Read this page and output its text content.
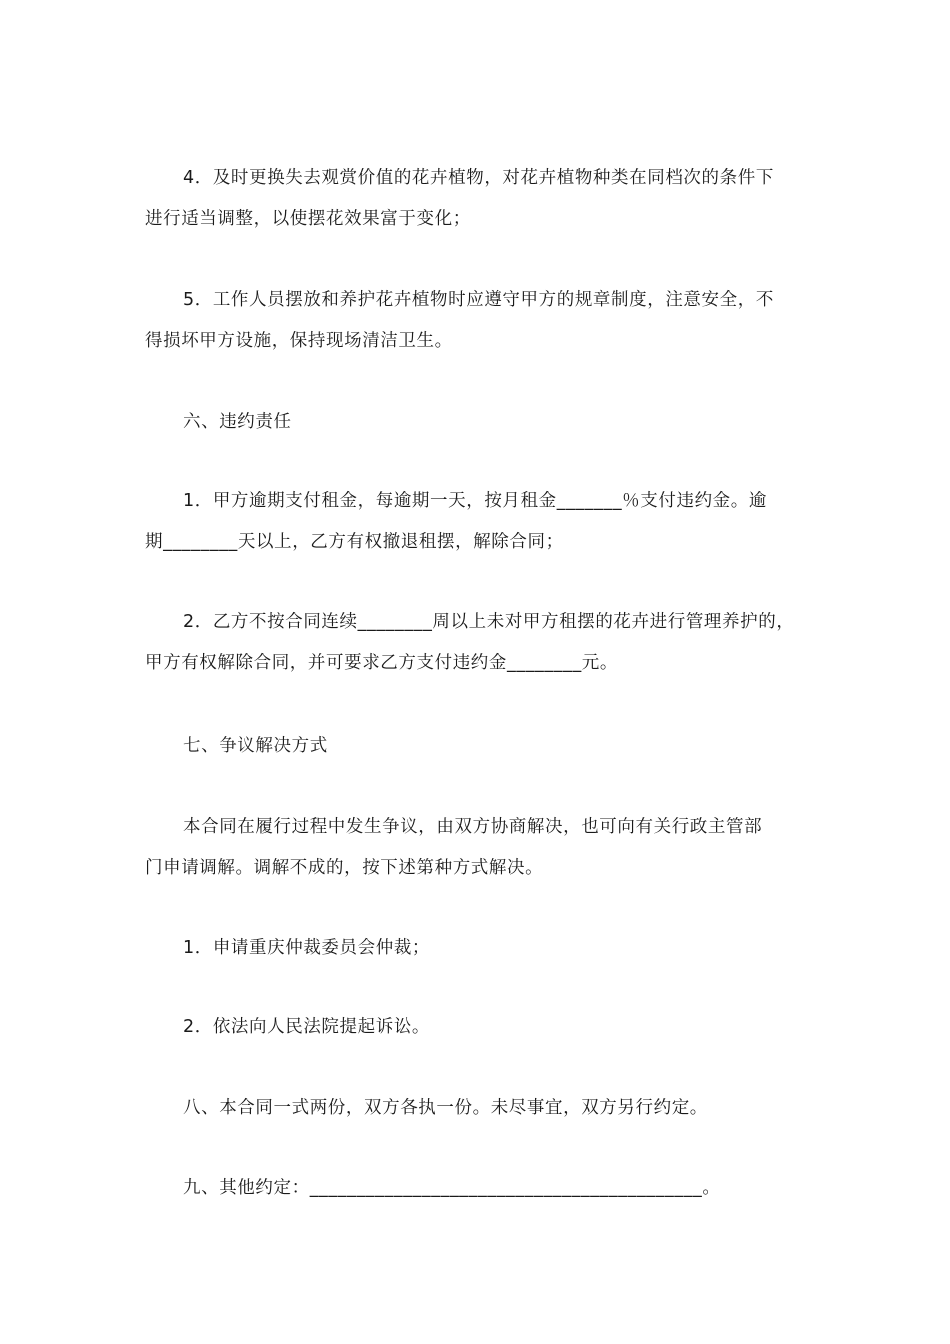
4．及时更换失去观赏价值的花卉植物，对花卉植物种类在同档次的条件下
进行适当调整，以使摆花效果富于变化；
5．工作人员摆放和养护花卉植物时应遵守甲方的规章制度，注意安全，不
得损坏甲方设施，保持现场清洁卫生。
六、违约责任
1．甲方逾期支付租金，每逾期一天，按月租金_______％支付违约金。逾
期________天以上，乙方有权撤退租摆，解除合同；
2．乙方不按合同连续________周以上未对甲方租摆的花卉进行管理养护的，
甲方有权解除合同，并可要求乙方支付违约金________元。
七、争议解决方式
本合同在履行过程中发生争议，由双方协商解决，也可向有关行政主管部
门申请调解。调解不成的，按下述第种方式解决。
1．申请重庆仲裁委员会仲裁；
2．依法向人民法院提起诉讼。
八、本合同一式两份，双方各执一份。未尽事宜，双方另行约定。
九、其他约定：__________________________________________。
